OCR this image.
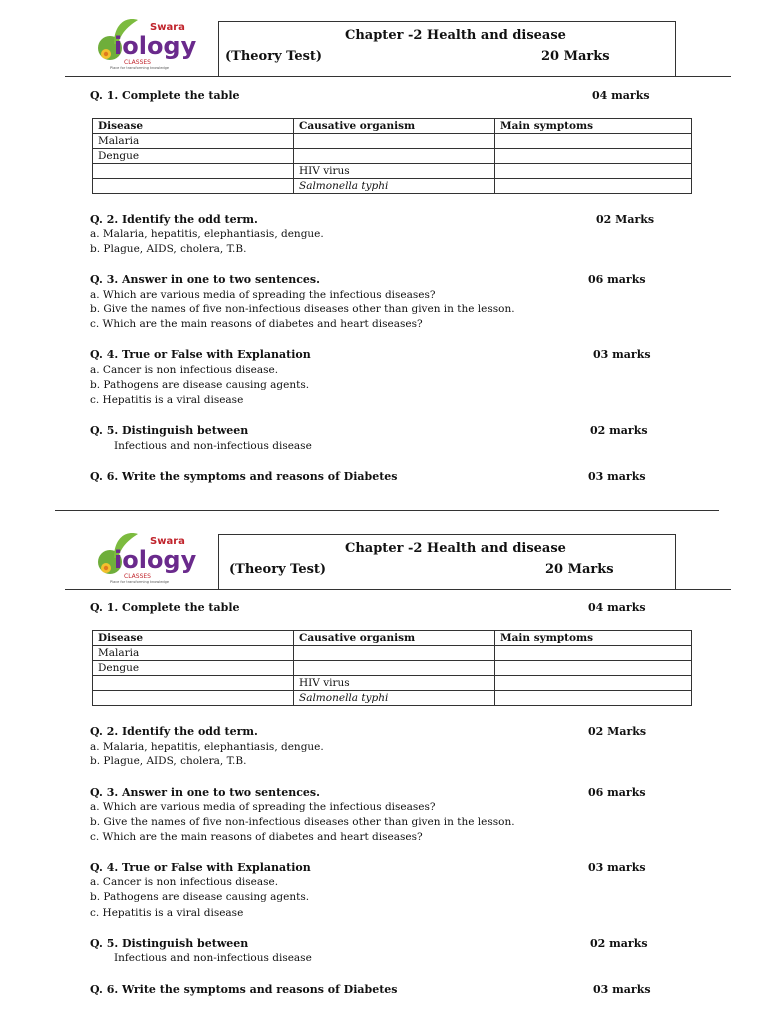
Swara
iology
CLASSES
Place for transforming knowledge
Chapter -2 Health and disease
(Theory Test)	20 Marks
Q. 1. Complete the table	04 marks
Disease	Causative organism	Main symptoms
Malaria		
Dengue		
	HIV virus	
	Salmonella typhi	
Q. 2. Identify the odd term.	02 Marks
a. Malaria, hepatitis, elephantiasis, dengue.
b. Plague, AIDS, cholera, T.B.
Q. 3. Answer in one to two sentences.	06 marks
a. Which are various media of spreading the infectious diseases?
b. Give the names of five non-infectious diseases other than given in the lesson.
c. Which are the main reasons of diabetes and heart diseases?
Q. 4. True or False with Explanation	03 marks
a. Cancer is non infectious disease.
b. Pathogens are disease causing agents.
c. Hepatitis is a viral disease
Q. 5. Distinguish between	02 marks
Infectious and non-infectious disease
Q. 6. Write the symptoms and reasons of Diabetes	03 marks
Swara
iology
CLASSES
Place for transforming knowledge
Chapter -2 Health and disease
(Theory Test)	20 Marks
Q. 1. Complete the table	04 marks
Disease	Causative organism	Main symptoms
Malaria		
Dengue		
	HIV virus	
	Salmonella typhi	
Q. 2. Identify the odd term.	02 Marks
a. Malaria, hepatitis, elephantiasis, dengue.
b. Plague, AIDS, cholera, T.B.
Q. 3. Answer in one to two sentences.	06 marks
a. Which are various media of spreading the infectious diseases?
b. Give the names of five non-infectious diseases other than given in the lesson.
c. Which are the main reasons of diabetes and heart diseases?
Q. 4. True or False with Explanation	03 marks
a. Cancer is non infectious disease.
b. Pathogens are disease causing agents.
c. Hepatitis is a viral disease
Q. 5. Distinguish between	02 marks
Infectious and non-infectious disease
Q. 6. Write the symptoms and reasons of Diabetes	03 marks
